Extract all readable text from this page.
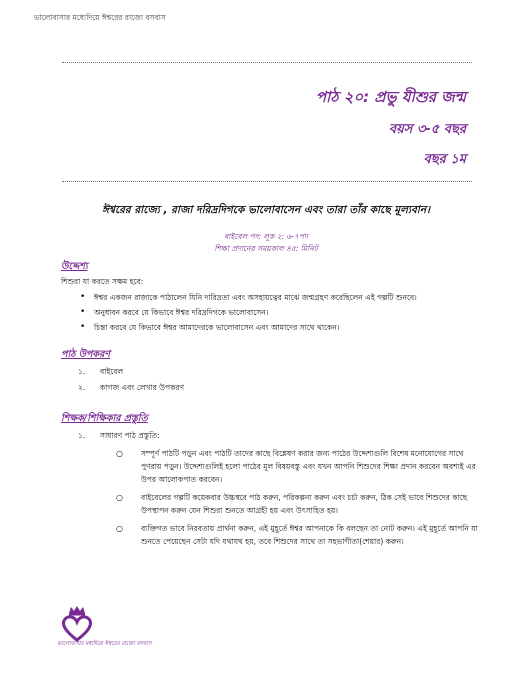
ভালোবাসার মধ্যেদিয়ে ঈশ্বরের রাজ্যে বসবাস
পাঠ ২০: প্রভু যীশুর জন্ম
বয়স ৩-৫ বছর
বছর ১ম
ঈশ্বরের রাজ্যে , রাজা দরিদ্রদিগকে ভালোবাসেন এবং তারা তাঁর কাছে মূল্যবান।
বাইবেল পদ: লূক ২: ৬-৭পদ
শিক্ষা প্রদানের সময়কাল ৪৫: মিনিট
উদ্দেশ্য
শিশুরা যা করতে সক্ষম হবে:
• ঈশ্বর একজন রাজাকে পাঠালেন যিনি দারিদ্রতা এবং অসহায়ত্বের মাঝে জন্মগ্রহণ করেছিলেন এই গল্পটি শুনবে।
• অনুধাবন করবে যে কিভাবে ঈশ্বর দরিদ্রদিগকে ভালোবাসেন।
• চিন্তা করবে যে কিভাবে ঈশ্বর আমাদেরকে ভালোবাসেন এবং আমাদের সাথে থাকেন।
পাঠ উপকরণ
১. বাইবেল
২. কাগজ এবং লেখার উপকরণ
শিক্ষক/শিক্ষিকার প্রস্তুতি
১. সাধারণ পাঠ প্রস্তুতি:
○ সম্পূর্ণ পাঠটি পড়ুন এবং পাঠটি তাদের কাছে বিশ্লেষণ করার জন্য পাঠের উদ্দেশ্যগুলি বিশেষ মনোযোগের সাথে পুণরায় পড়ুন। উদ্দেশ্যগুলিই হলো পাঠের মূল বিষয়বস্তু এবং যখন আপনি শিশুদের শিক্ষা প্রদান করবেন অবশ্যই এর উপর আলোকপাত করবেন।
○ বাইবেলের গল্পটি কয়েকবার উচ্চস্বরে পাঠ করুন, পরিকল্পনা করুন এবং চর্চা করুন, ঠিক সেই ভাবে শিশুদের কাছে উপস্থাপন করুন যেন শিশুরা শুনতে আগ্রহী হয় এবং উৎসাহিত হয়।
○ ব্যক্তিগত ভাবে নিরবতায় প্রার্থনা করুন, এই মুহূর্তে ঈশ্বর আপনাকে কি বলছেন তা নোট করুন। এই মুহূর্তে আপনি যা শুনতে পেয়েছেন সেটা যদি যথাযথ হয়, তবে শিশুদের সাথে তা সহভাগীতা(শেয়ার) করুন।
ভালোবাসার মধ্যদিয়ে ঈশ্বরের রাজ্যে বসবাস
